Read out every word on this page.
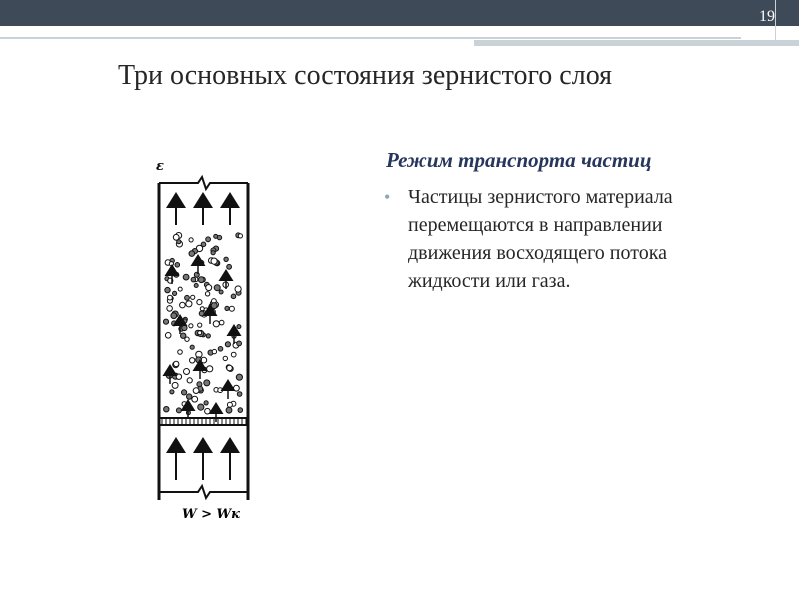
19
Три основных состояния зернистого слоя
ε
W > Wк
Режим транспорта частиц
• Частицы зернистого материала перемещаются в направлении движения восходящего потока жидкости или газа.
